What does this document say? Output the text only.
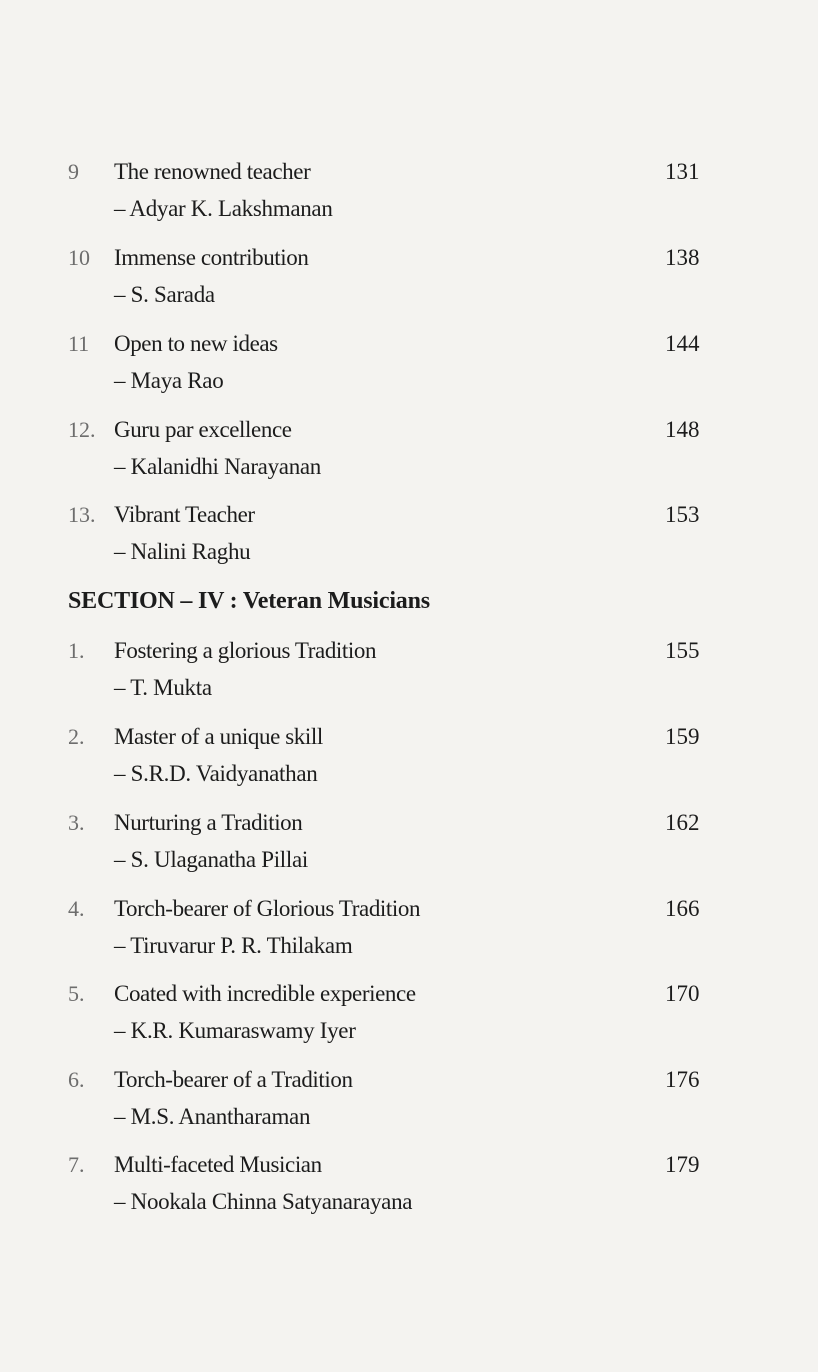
9 The renowned teacher
– Adyar K. Lakshmanan
131
10 Immense contribution
– S. Sarada
138
11 Open to new ideas
– Maya Rao
144
12. Guru par excellence
– Kalanidhi Narayanan
148
13. Vibrant Teacher
– Nalini Raghu
153
SECTION – IV : Veteran Musicians
1. Fostering a glorious Tradition
– T. Mukta
155
2. Master of a unique skill
– S.R.D. Vaidyanathan
159
3. Nurturing a Tradition
– S. Ulaganatha Pillai
162
4. Torch-bearer of Glorious Tradition
– Tiruvarur P. R. Thilakam
166
5. Coated with incredible experience
– K.R. Kumaraswamy Iyer
170
6. Torch-bearer of a Tradition
– M.S. Anantharaman
176
7. Multi-faceted Musician
– Nookala Chinna Satyanarayana
179
